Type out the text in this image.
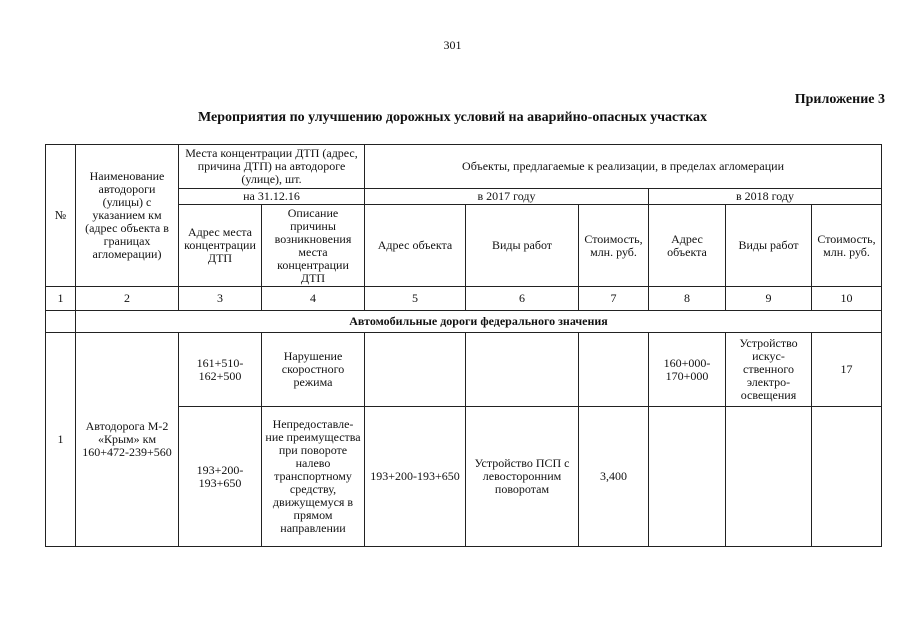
301
Приложение 3
Мероприятия по улучшению дорожных условий на аварийно-опасных участках
№	Наименование автодороги (улицы) с указанием км (адрес объекта в границах агломерации)	Места концентрации ДТП (адрес, причина ДТП) на автодороге (улице), шт.		Объекты, предлагаемые к реализации, в пределах агломерации					
		на 31.12.16		в 2017 году			в 2018 году		
		Адрес места концентрации ДТП	Описание причины возникновения места концентрации ДТП	Адрес объекта	Виды работ	Стоимость, млн. руб.	Адрес объекта	Виды работ	Стоимость, млн. руб.
1	2	3	4	5	6	7	8	9	10
	Автомобильные дороги федерального значения								
1	Автодорога М-2 «Крым» км 160+472-239+560	161+510-162+500	Нарушение скоростного режима				160+000-170+000	Устройство искус-ственного электро-освещения	17
		193+200-193+650	Непредоставле-ние преимущества при повороте налево транспортному средству, движущемуся в прямом направлении	193+200-193+650	Устройство ПСП с левосторонним поворотам	3,400			
